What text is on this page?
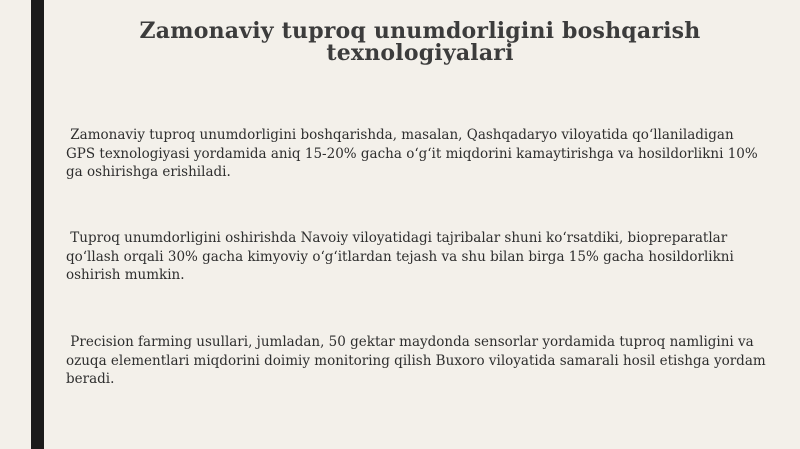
Zamonaviy tuproq unumdorligini boshqarish texnologiyalari

Zamonaviy tuproq unumdorligini boshqarishda, masalan, Qashqadaryo viloyatida qo‘llaniladigan GPS texnologiyasi yordamida aniq 15-20% gacha o‘g‘it miqdorini kamaytirishga va hosildorlikni 10% ga oshirishga erishiladi.

Tuproq unumdorligini oshirishda Navoiy viloyatidagi tajribalar shuni ko‘rsatdiki, biopreparatlar qo‘llash orqali 30% gacha kimyoviy o‘g‘itlardan tejash va shu bilan birga 15% gacha hosildorlikni oshirish mumkin.

Precision farming usullari, jumladan, 50 gektar maydonda sensorlar yordamida tuproq namligini va ozuqa elementlari miqdorini doimiy monitoring qilish Buxoro viloyatida samarali hosil etishga yordam beradi.
